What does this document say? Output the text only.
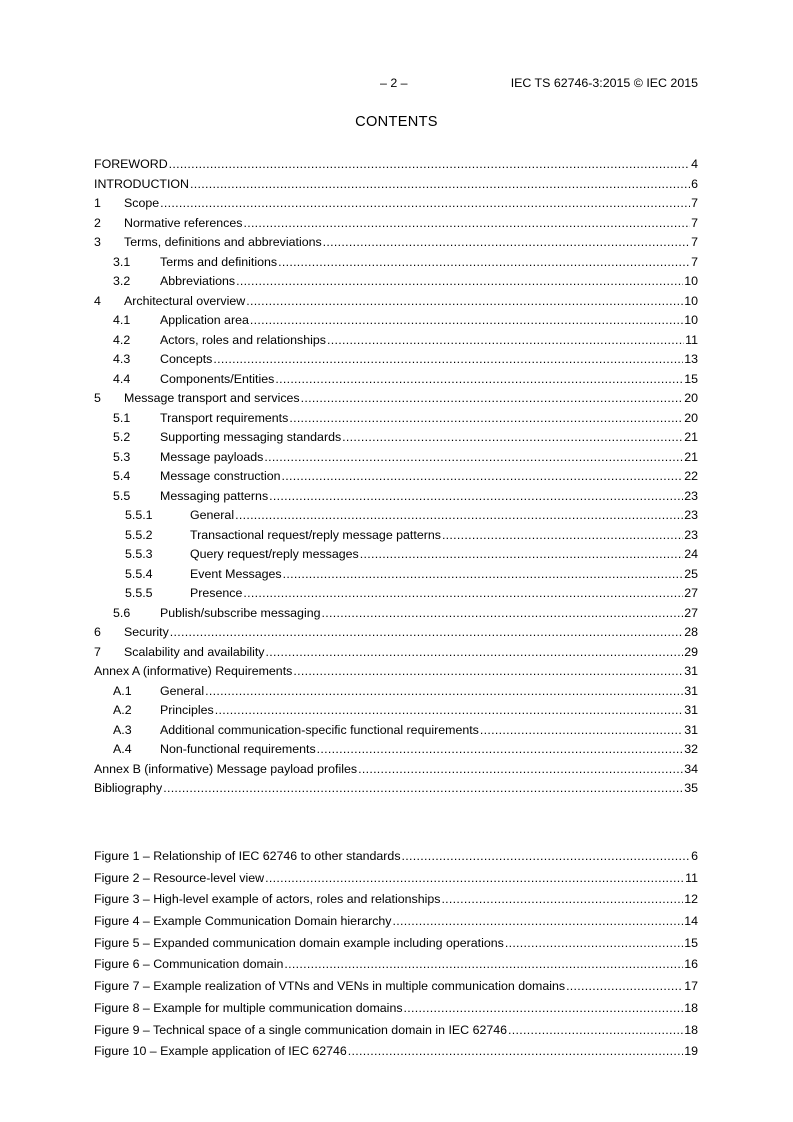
– 2 –	IEC TS 62746-3:2015 © IEC 2015
CONTENTS
FOREWORD .....	4
INTRODUCTION .....	6
1	Scope .....	7
2	Normative references .....	7
3	Terms, definitions and abbreviations .....	7
3.1	Terms and definitions .....	7
3.2	Abbreviations .....	10
4	Architectural overview .....	10
4.1	Application area .....	10
4.2	Actors, roles and relationships .....	11
4.3	Concepts .....	13
4.4	Components/Entities .....	15
5	Message transport and services .....	20
5.1	Transport requirements .....	20
5.2	Supporting messaging standards .....	21
5.3	Message payloads .....	21
5.4	Message construction .....	22
5.5	Messaging patterns .....	23
5.5.1	General .....	23
5.5.2	Transactional request/reply message patterns .....	23
5.5.3	Query request/reply messages .....	24
5.5.4	Event Messages .....	25
5.5.5	Presence .....	27
5.6	Publish/subscribe messaging .....	27
6	Security .....	28
7	Scalability and availability .....	29
Annex A (informative) Requirements .....	31
A.1	General .....	31
A.2	Principles .....	31
A.3	Additional communication-specific functional requirements .....	31
A.4	Non-functional requirements .....	32
Annex B (informative) Message payload profiles .....	34
Bibliography .....	35
Figure 1 – Relationship of IEC 62746 to other standards .....	6
Figure 2 – Resource-level view .....	11
Figure 3 – High-level example of actors, roles and relationships .....	12
Figure 4 – Example Communication Domain hierarchy .....	14
Figure 5 – Expanded communication domain example including operations .....	15
Figure 6 – Communication domain .....	16
Figure 7 – Example realization of VTNs and VENs in multiple communication domains .....	17
Figure 8 – Example for multiple communication domains .....	18
Figure 9 – Technical space of a single communication domain in IEC 62746 .....	18
Figure 10 – Example application of IEC 62746 .....	19
